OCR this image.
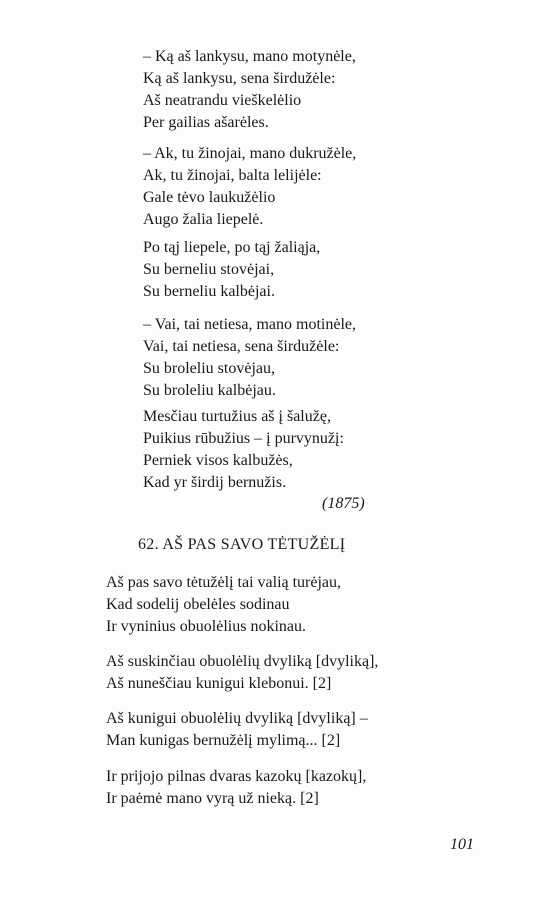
– Ką aš lankysu, mano motynėle,
Ką aš lankysu, sena širdužėle:
Aš neatrandu vieškelėlio
Per gailias ašarėles.
– Ak, tu žinojai, mano dukružėle,
Ak, tu žinojai, balta lelijėle:
Gale tėvo laukužėlio
Augo žalia liepelė.
Po tąj liepele, po tąj žaliąja,
Su berneliu stovėjai,
Su berneliu kalbėjai.
– Vai, tai netiesa, mano motinėle,
Vai, tai netiesa, sena širdužėle:
Su broleliu stovėjau,
Su broleliu kalbėjau.
Mesčiau turtužius aš į šalužę,
Puikius rūbužius – į purvynužį:
Perniek visos kalbužės,
Kad yr širdij bernužis.
(1875)
62. AŠ PAS SAVO TĖTUŽĖLĮ
Aš pas savo tėtužėlį tai valią turėjau,
Kad sodelij obelėles sodinau
Ir vyninius obuolėlius nokinau.
Aš suskinčiau obuolėlių dvyliką [dvyliką],
Aš nuneščiau kunigui klebonui. [2]
Aš kunigui obuolėlių dvyliką [dvyliką] –
Man kunigas bernužėlį mylimą... [2]
Ir prijojo pilnas dvaras kazokų [kazokų],
Ir paėmė mano vyrą už nieką. [2]
101
